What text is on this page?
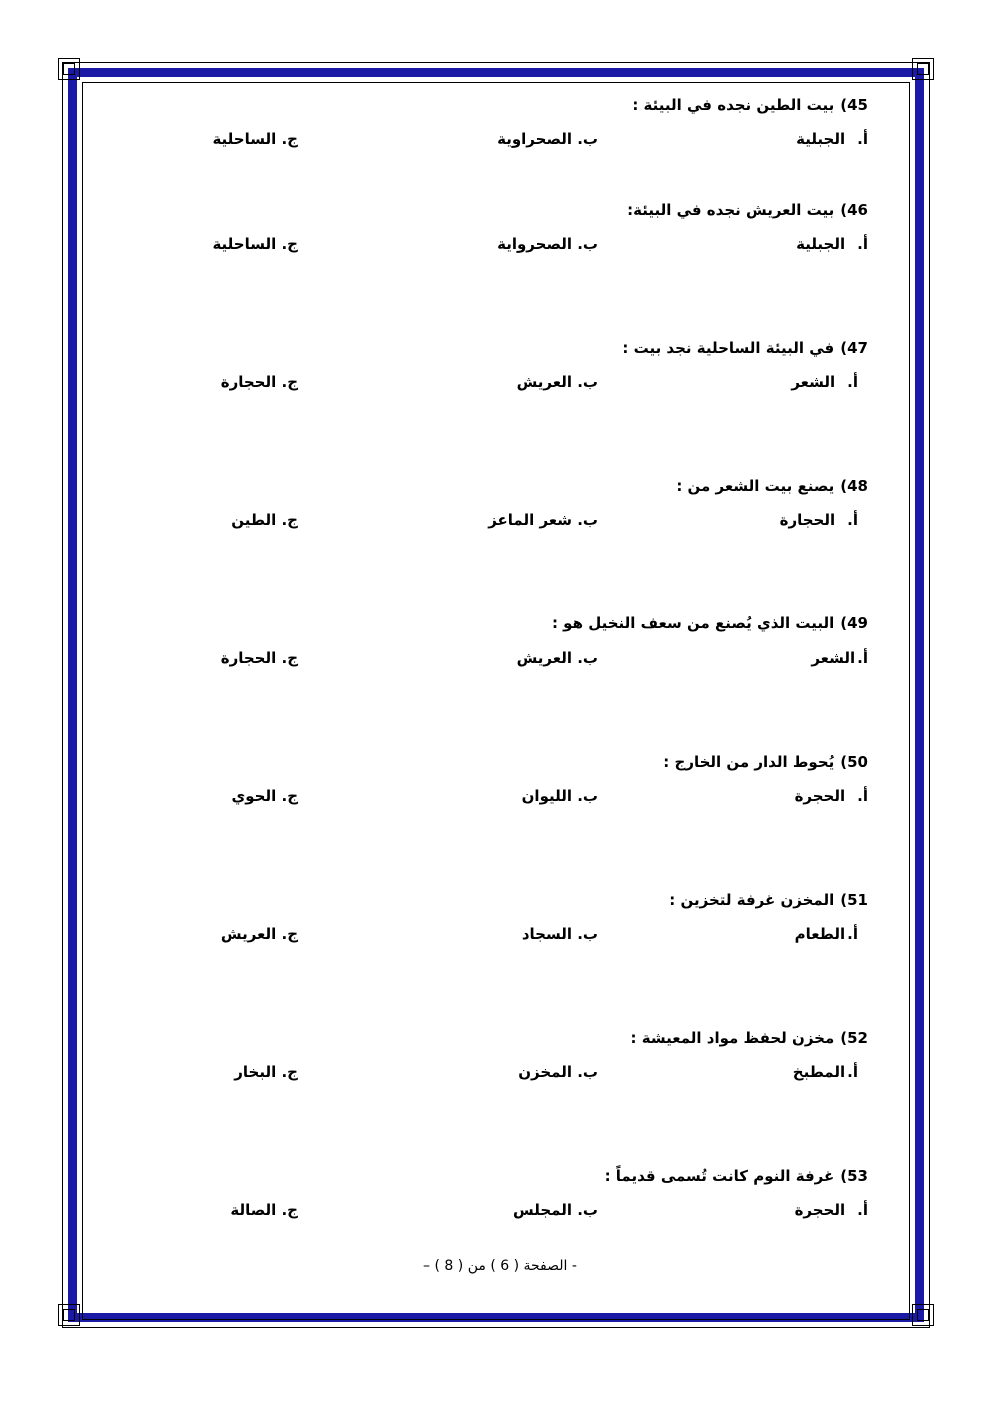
45)بيت الطين نجده في البيئة :
أ.الجبلية
ب. الصحراوية
ج. الساحلية
46)بيت العريش نجده في البيئة:
أ.الجبلية
ب. الصحرواية
ج. الساحلية
47)في البيئة الساحلية نجد بيت :
أ.الشعر
ب. العريش
ج. الحجارة
48)يصنع بيت الشعر من :
أ.الحجارة
ب. شعر الماعز
ج. الطين
49)البيت الذي يُصنع من سعف النخيل هو :
أ.الشعر
ب. العريش
ج. الحجارة
50)يُحوط الدار من الخارج :
أ.الحجرة
ب. الليوان
ج. الحوي
51)المخزن غرفة لتخزين :
أ.الطعام
ب. السجاد
ج. العريش
52)مخزن لحفظ مواد المعيشة :
أ.المطبخ
ب. المخزن
ج. البخار
53)غرفة النوم كانت تُسمى قديماً :
أ.الحجرة
ب. المجلس
ج. الصالة
- الصفحة ( 6 ) من ( 8 ) –
